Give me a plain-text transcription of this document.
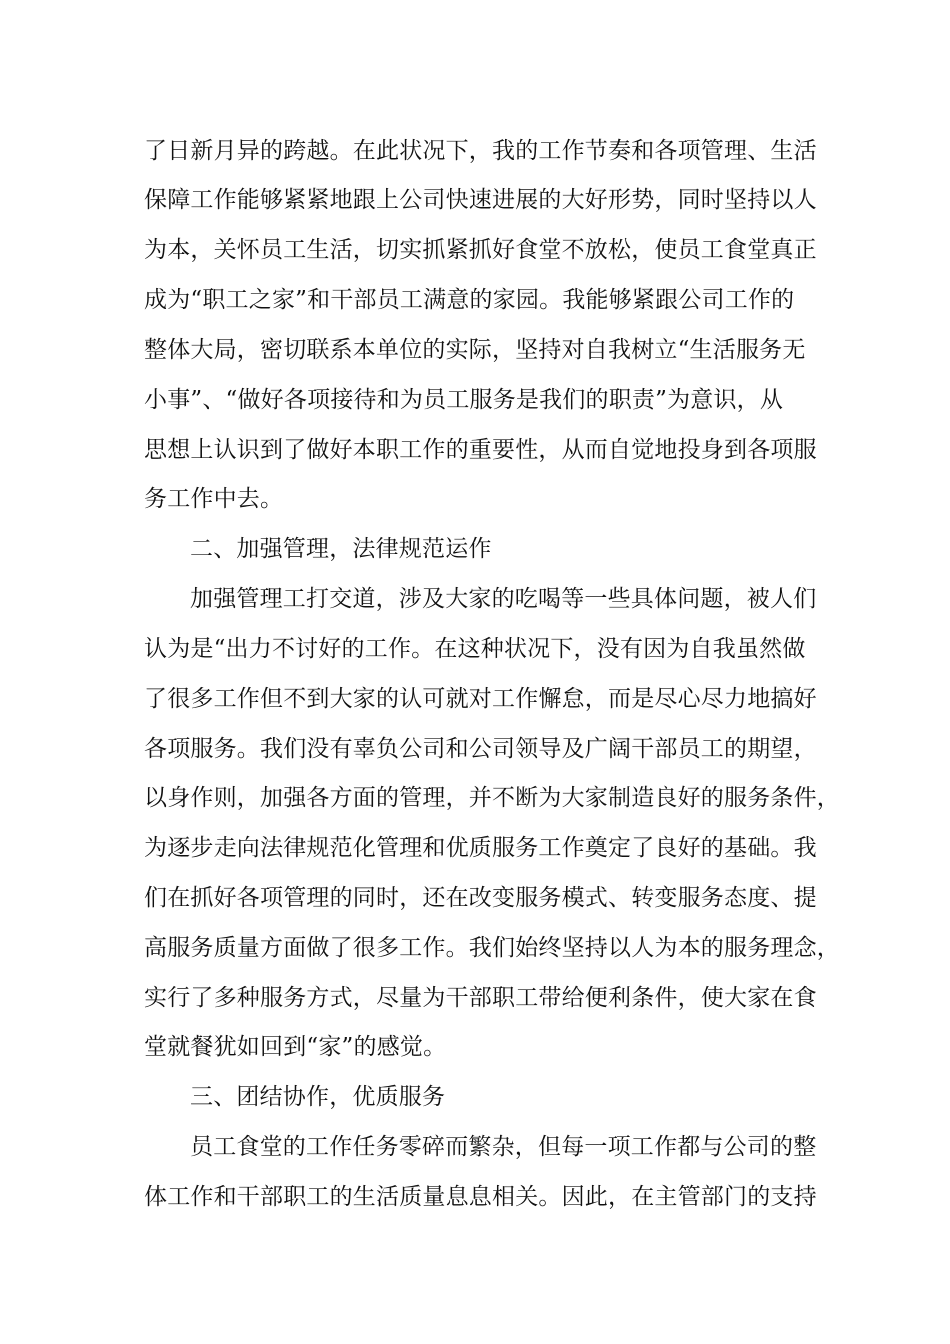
了日新月异的跨越。在此状况下，我的工作节奏和各项管理、生活
保障工作能够紧紧地跟上公司快速进展的大好形势，同时坚持以人
为本，关怀员工生活，切实抓紧抓好食堂不放松，使员工食堂真正
成为“职工之家”和干部员工满意的家园。我能够紧跟公司工作的
整体大局，密切联系本单位的实际，坚持对自我树立“生活服务无
小事”、“做好各项接待和为员工服务是我们的职责”为意识，从
思想上认识到了做好本职工作的重要性，从而自觉地投身到各项服
务工作中去。
二、加强管理，法律规范运作
加强管理工打交道，涉及大家的吃喝等一些具体问题，被人们
认为是“出力不讨好的工作。在这种状况下，没有因为自我虽然做
了很多工作但不到大家的认可就对工作懈怠，而是尽心尽力地搞好
各项服务。我们没有辜负公司和公司领导及广阔干部员工的期望，
以身作则，加强各方面的管理，并不断为大家制造良好的服务条件，
为逐步走向法律规范化管理和优质服务工作奠定了良好的基础。我
们在抓好各项管理的同时，还在改变服务模式、转变服务态度、提
高服务质量方面做了很多工作。我们始终坚持以人为本的服务理念，
实行了多种服务方式，尽量为干部职工带给便利条件，使大家在食
堂就餐犹如回到“家”的感觉。
三、团结协作，优质服务
员工食堂的工作任务零碎而繁杂，但每一项工作都与公司的整
体工作和干部职工的生活质量息息相关。因此，在主管部门的支持
